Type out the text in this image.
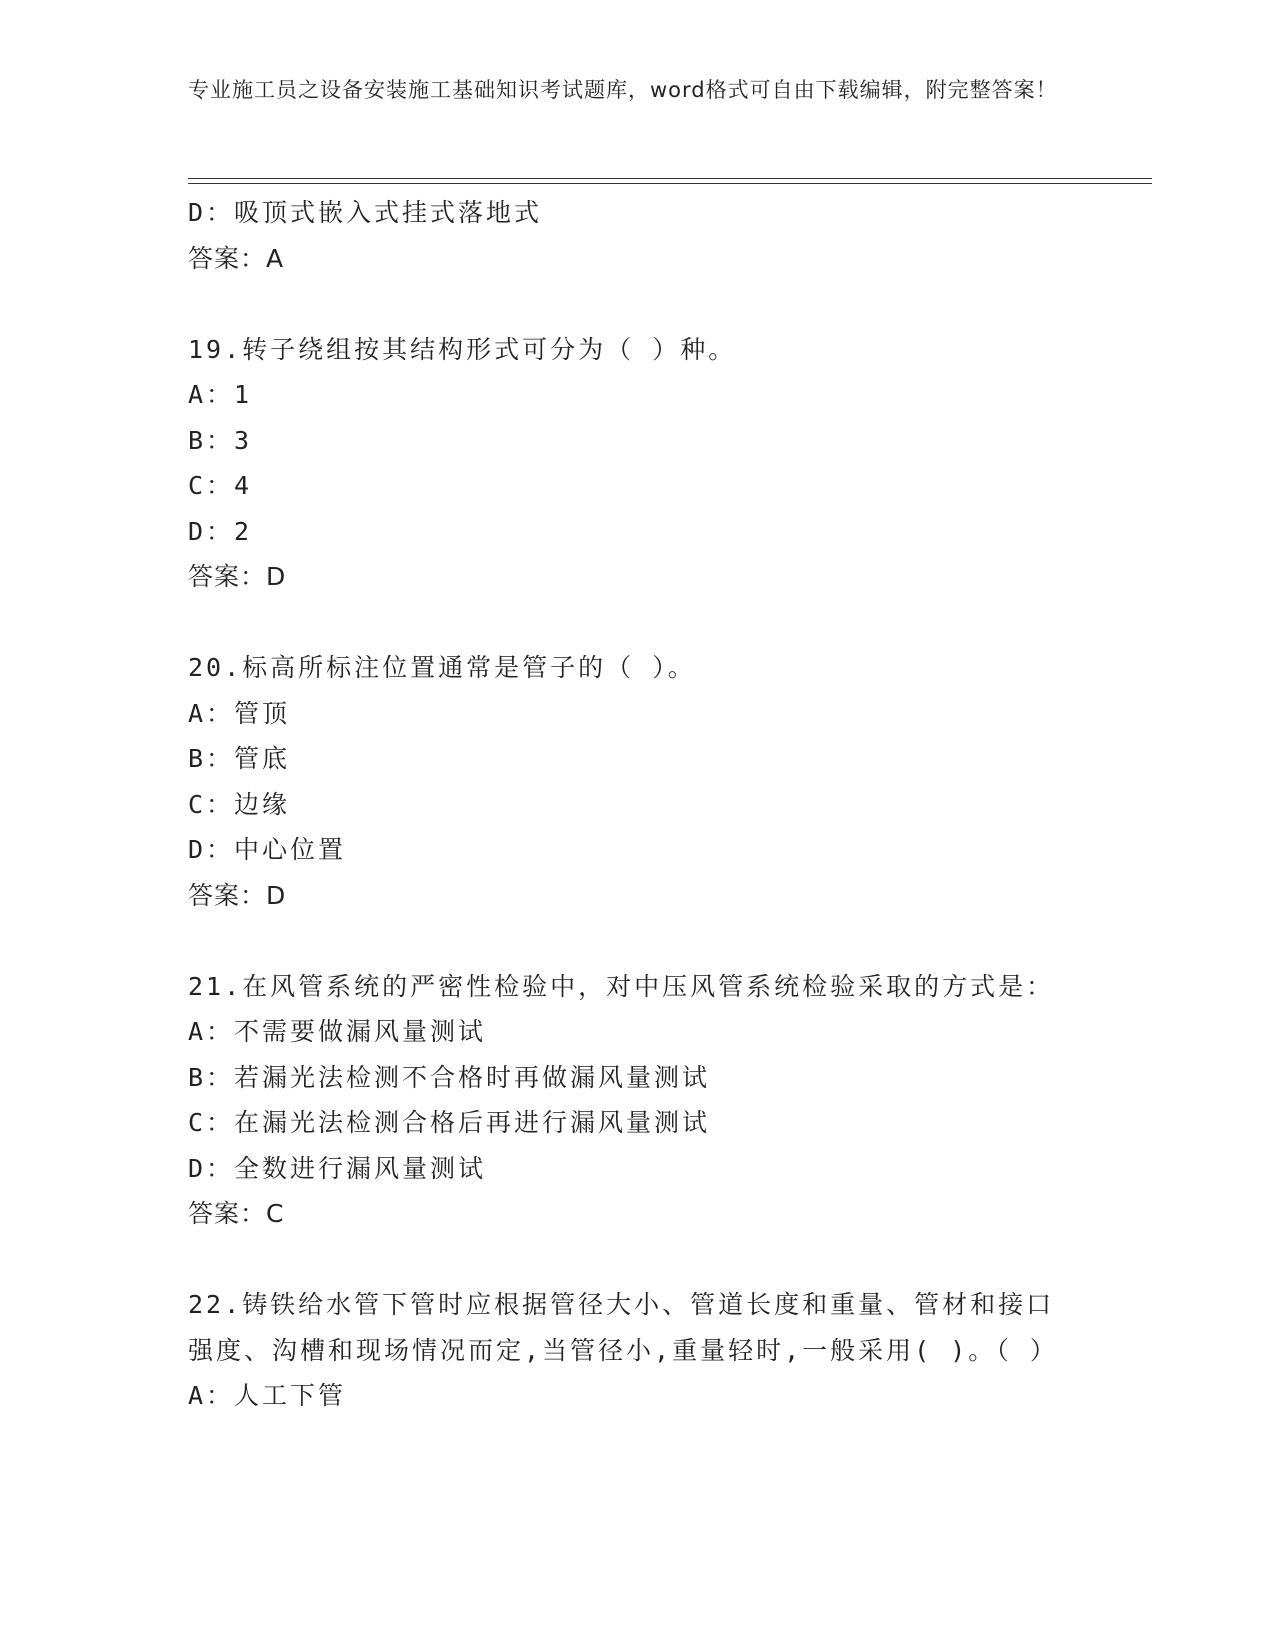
专业施工员之设备安装施工基础知识考试题库，word格式可自由下载编辑，附完整答案！
D：吸顶式嵌入式挂式落地式
答案：A
19.转子绕组按其结构形式可分为（ ）种。
A：1
B：3
C：4
D：2
答案：D
20.标高所标注位置通常是管子的（ ）。
A：管顶
B：管底
C：边缘
D：中心位置
答案：D
21.在风管系统的严密性检验中，对中压风管系统检验采取的方式是：
A：不需要做漏风量测试
B：若漏光法检测不合格时再做漏风量测试
C：在漏光法检测合格后再进行漏风量测试
D：全数进行漏风量测试
答案：C
22.铸铁给水管下管时应根据管径大小、管道长度和重量、管材和接口强度、沟槽和现场情况而定,当管径小,重量轻时,一般采用( )。（ ）
A：人工下管
